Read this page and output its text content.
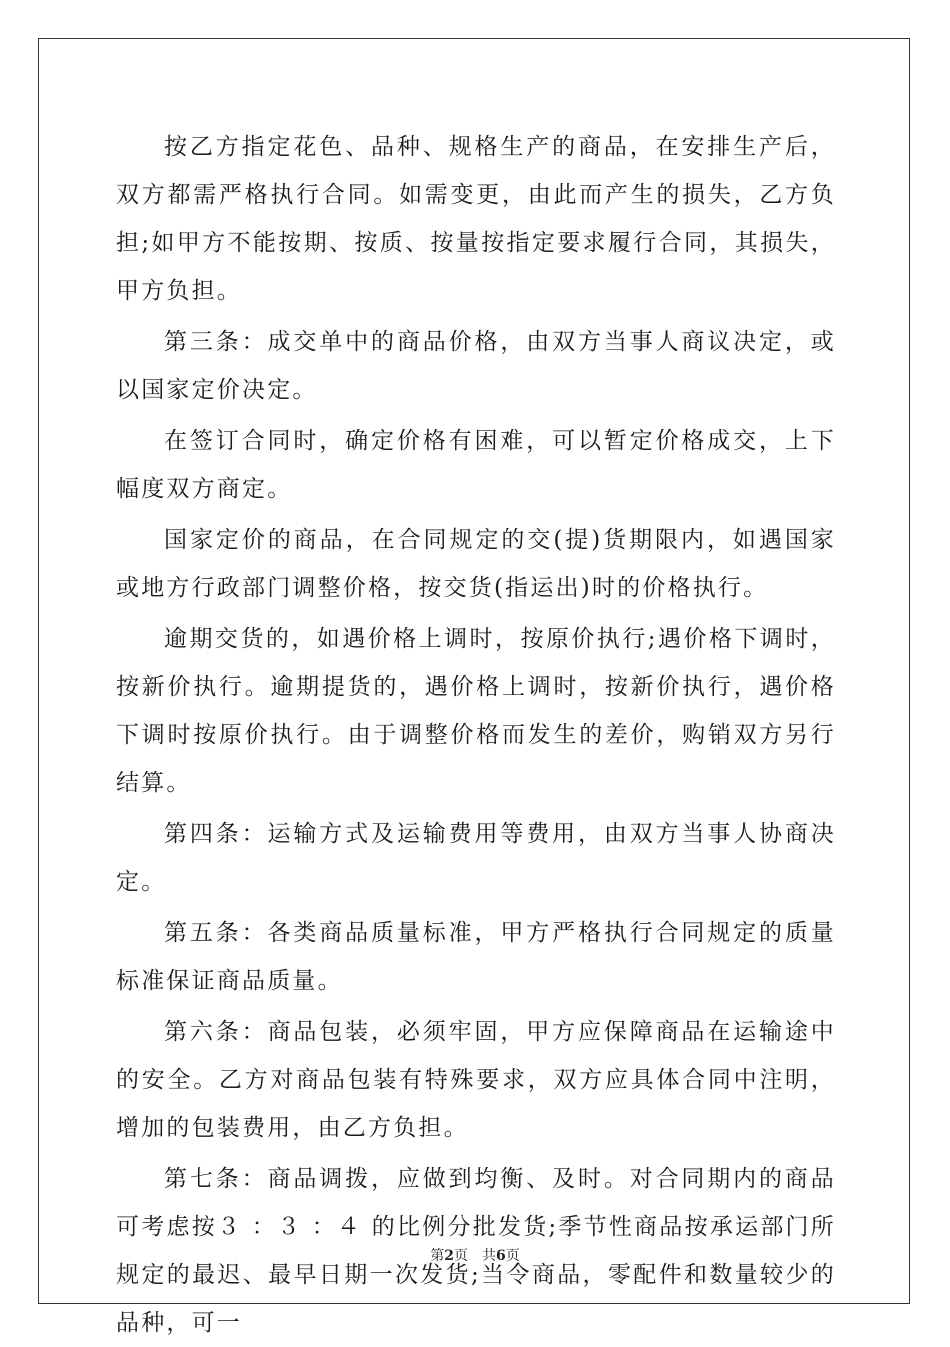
按乙方指定花色、品种、规格生产的商品，在安排生产后，双方都需严格执行合同。如需变更，由此而产生的损失，乙方负担;如甲方不能按期、按质、按量按指定要求履行合同，其损失，甲方负担。

第三条：成交单中的商品价格，由双方当事人商议决定，或以国家定价决定。

在签订合同时，确定价格有困难，可以暂定价格成交，上下幅度双方商定。

国家定价的商品，在合同规定的交(提)货期限内，如遇国家或地方行政部门调整价格，按交货(指运出)时的价格执行。

逾期交货的，如遇价格上调时，按原价执行;遇价格下调时，按新价执行。逾期提货的，遇价格上调时，按新价执行，遇价格下调时按原价执行。由于调整价格而发生的差价，购销双方另行结算。

第四条：运输方式及运输费用等费用，由双方当事人协商决定。

第五条：各类商品质量标准，甲方严格执行合同规定的质量标准保证商品质量。

第六条：商品包装，必须牢固，甲方应保障商品在运输途中的安全。乙方对商品包装有特殊要求，双方应具体合同中注明，增加的包装费用，由乙方负担。

第七条：商品调拨，应做到均衡、及时。对合同期内的商品可考虑按３ ：３ ：４ 的比例分批发货;季节性商品按承运部门所规定的最迟、最早日期一次发货;当令商品，零配件和数量较少的品种，可一

第2页 共6页
